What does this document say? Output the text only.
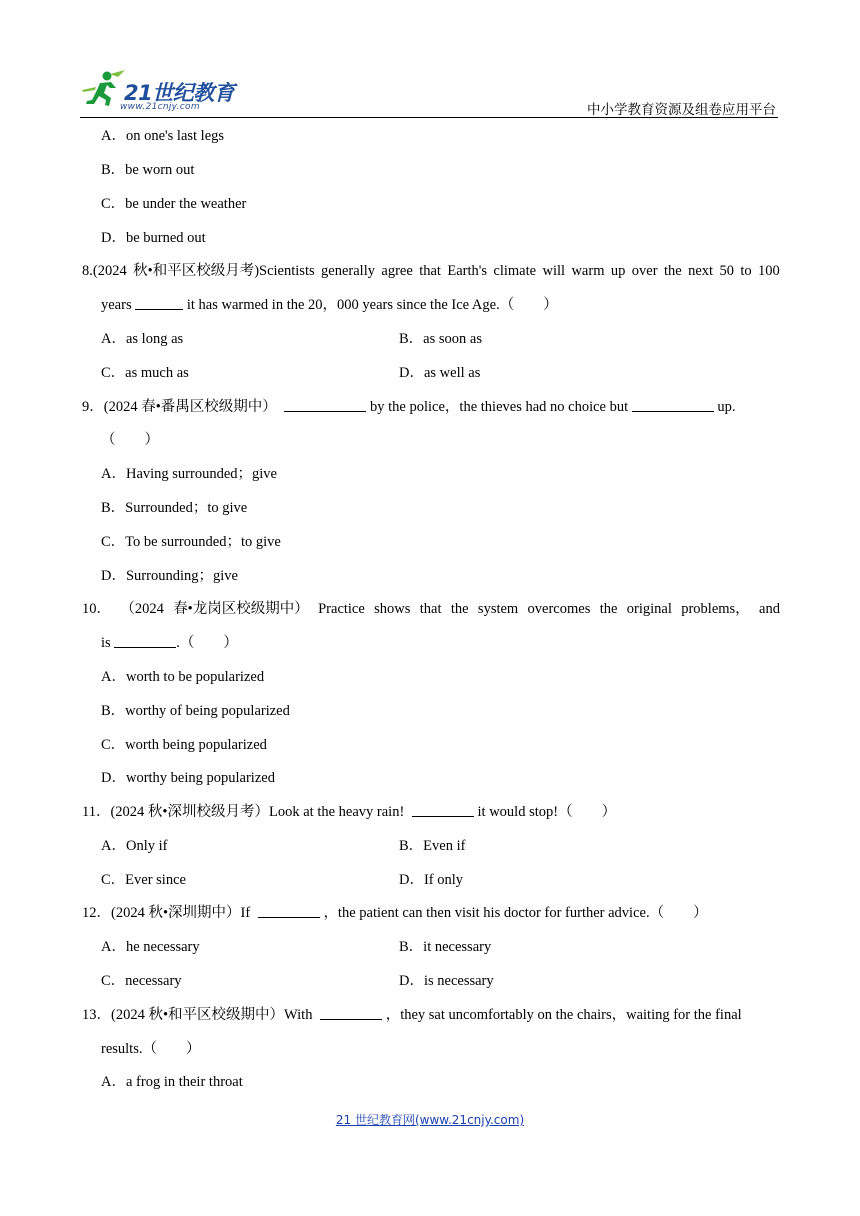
21世纪教育
www.21cnjy.com	中小学教育资源及组卷应用平台
A．on one's last legs
B．be worn out
C．be under the weather
D．be burned out
8.(2024 秋•和平区校级月考)Scientists generally agree that Earth's climate will warm up over the next 50 to 100
years	it has warmed in the 20，000 years since the Ice Age.（　　）
A．as long as	B．as soon as
C．as much as	D．as well as
9．(2024 春•番禺区校级期中）	by the police，the thieves had no choice but	up.
（　　）
A．Having surrounded；give
B．Surrounded；to give
C．To be surrounded；to give
D．Surrounding；give
10． （2024 春•龙岗区校级期中） Practice shows that the system overcomes the original problems， and
is	.（　　）
A．worth to be popularized
B．worthy of being popularized
C．worth being popularized
D．worthy being popularized
11．(2024 秋•深圳校级月考）Look at the heavy rain!	it would stop!（　　）
A．Only if	B．Even if
C．Ever since	D．If only
12．(2024 秋•深圳期中）If	，the patient can then visit his doctor for further advice.（　　）
A．he necessary	B．it necessary
C．necessary	D．is necessary
13．(2024 秋•和平区校级期中）With	，they sat uncomfortably on the chairs，waiting for the final
results.（　　）
A．a frog in their throat
21 世纪教育网(www.21cnjy.com)
